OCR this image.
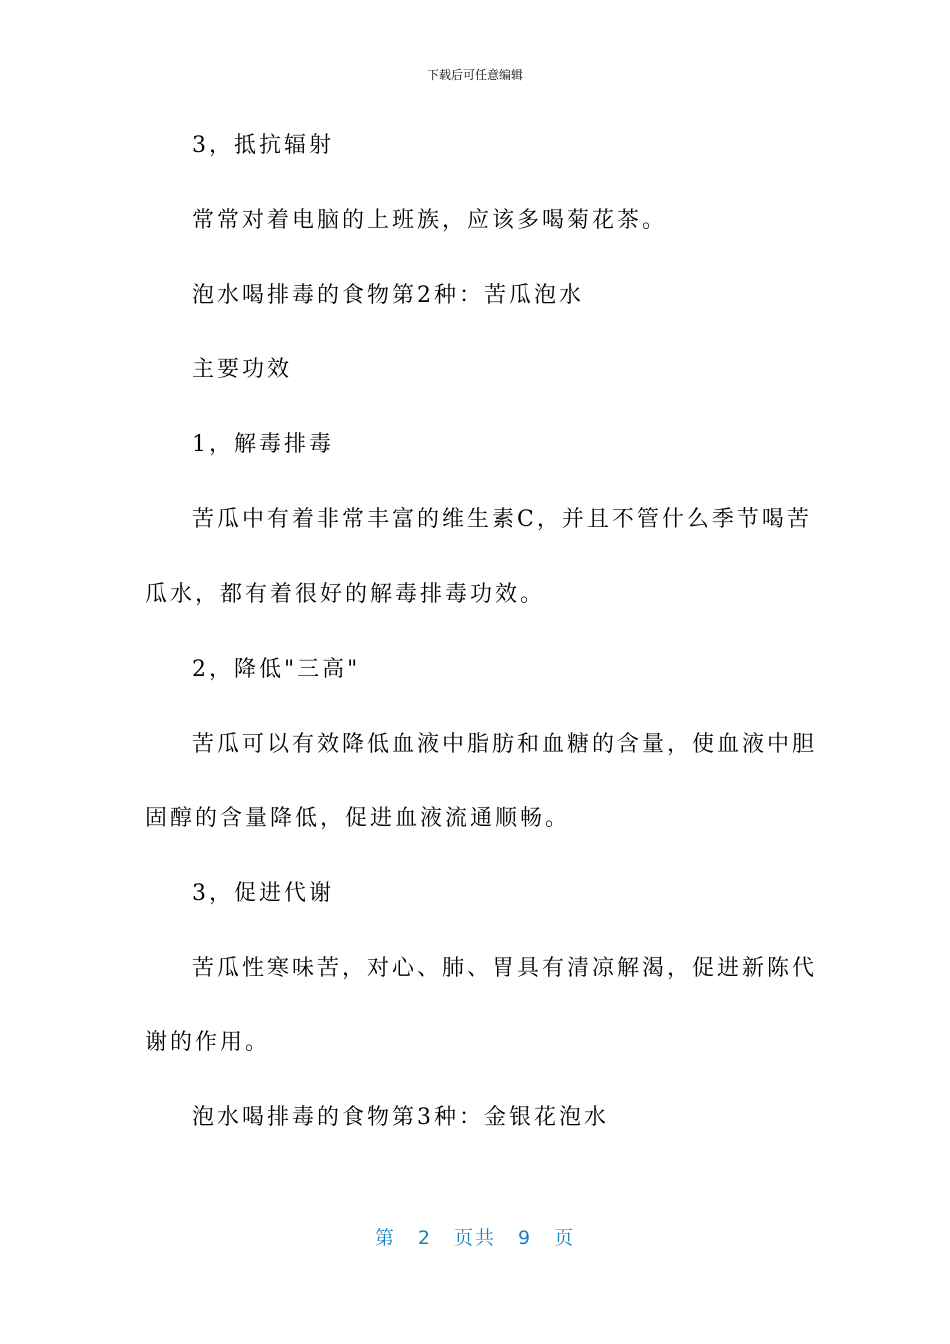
下载后可任意编辑
3，抵抗辐射
常常对着电脑的上班族，应该多喝菊花茶。
泡水喝排毒的食物第2种：苦瓜泡水
主要功效
1，解毒排毒
苦瓜中有着非常丰富的维生素C，并且不管什么季节喝苦
瓜水，都有着很好的解毒排毒功效。
2，降低"三高"
苦瓜可以有效降低血液中脂肪和血糖的含量，使血液中胆
固醇的含量降低，促进血液流通顺畅。
3，促进代谢
苦瓜性寒味苦，对心、肺、胃具有清凉解渴，促进新陈代
谢的作用。
泡水喝排毒的食物第3种：金银花泡水
第 2 页共 9 页
